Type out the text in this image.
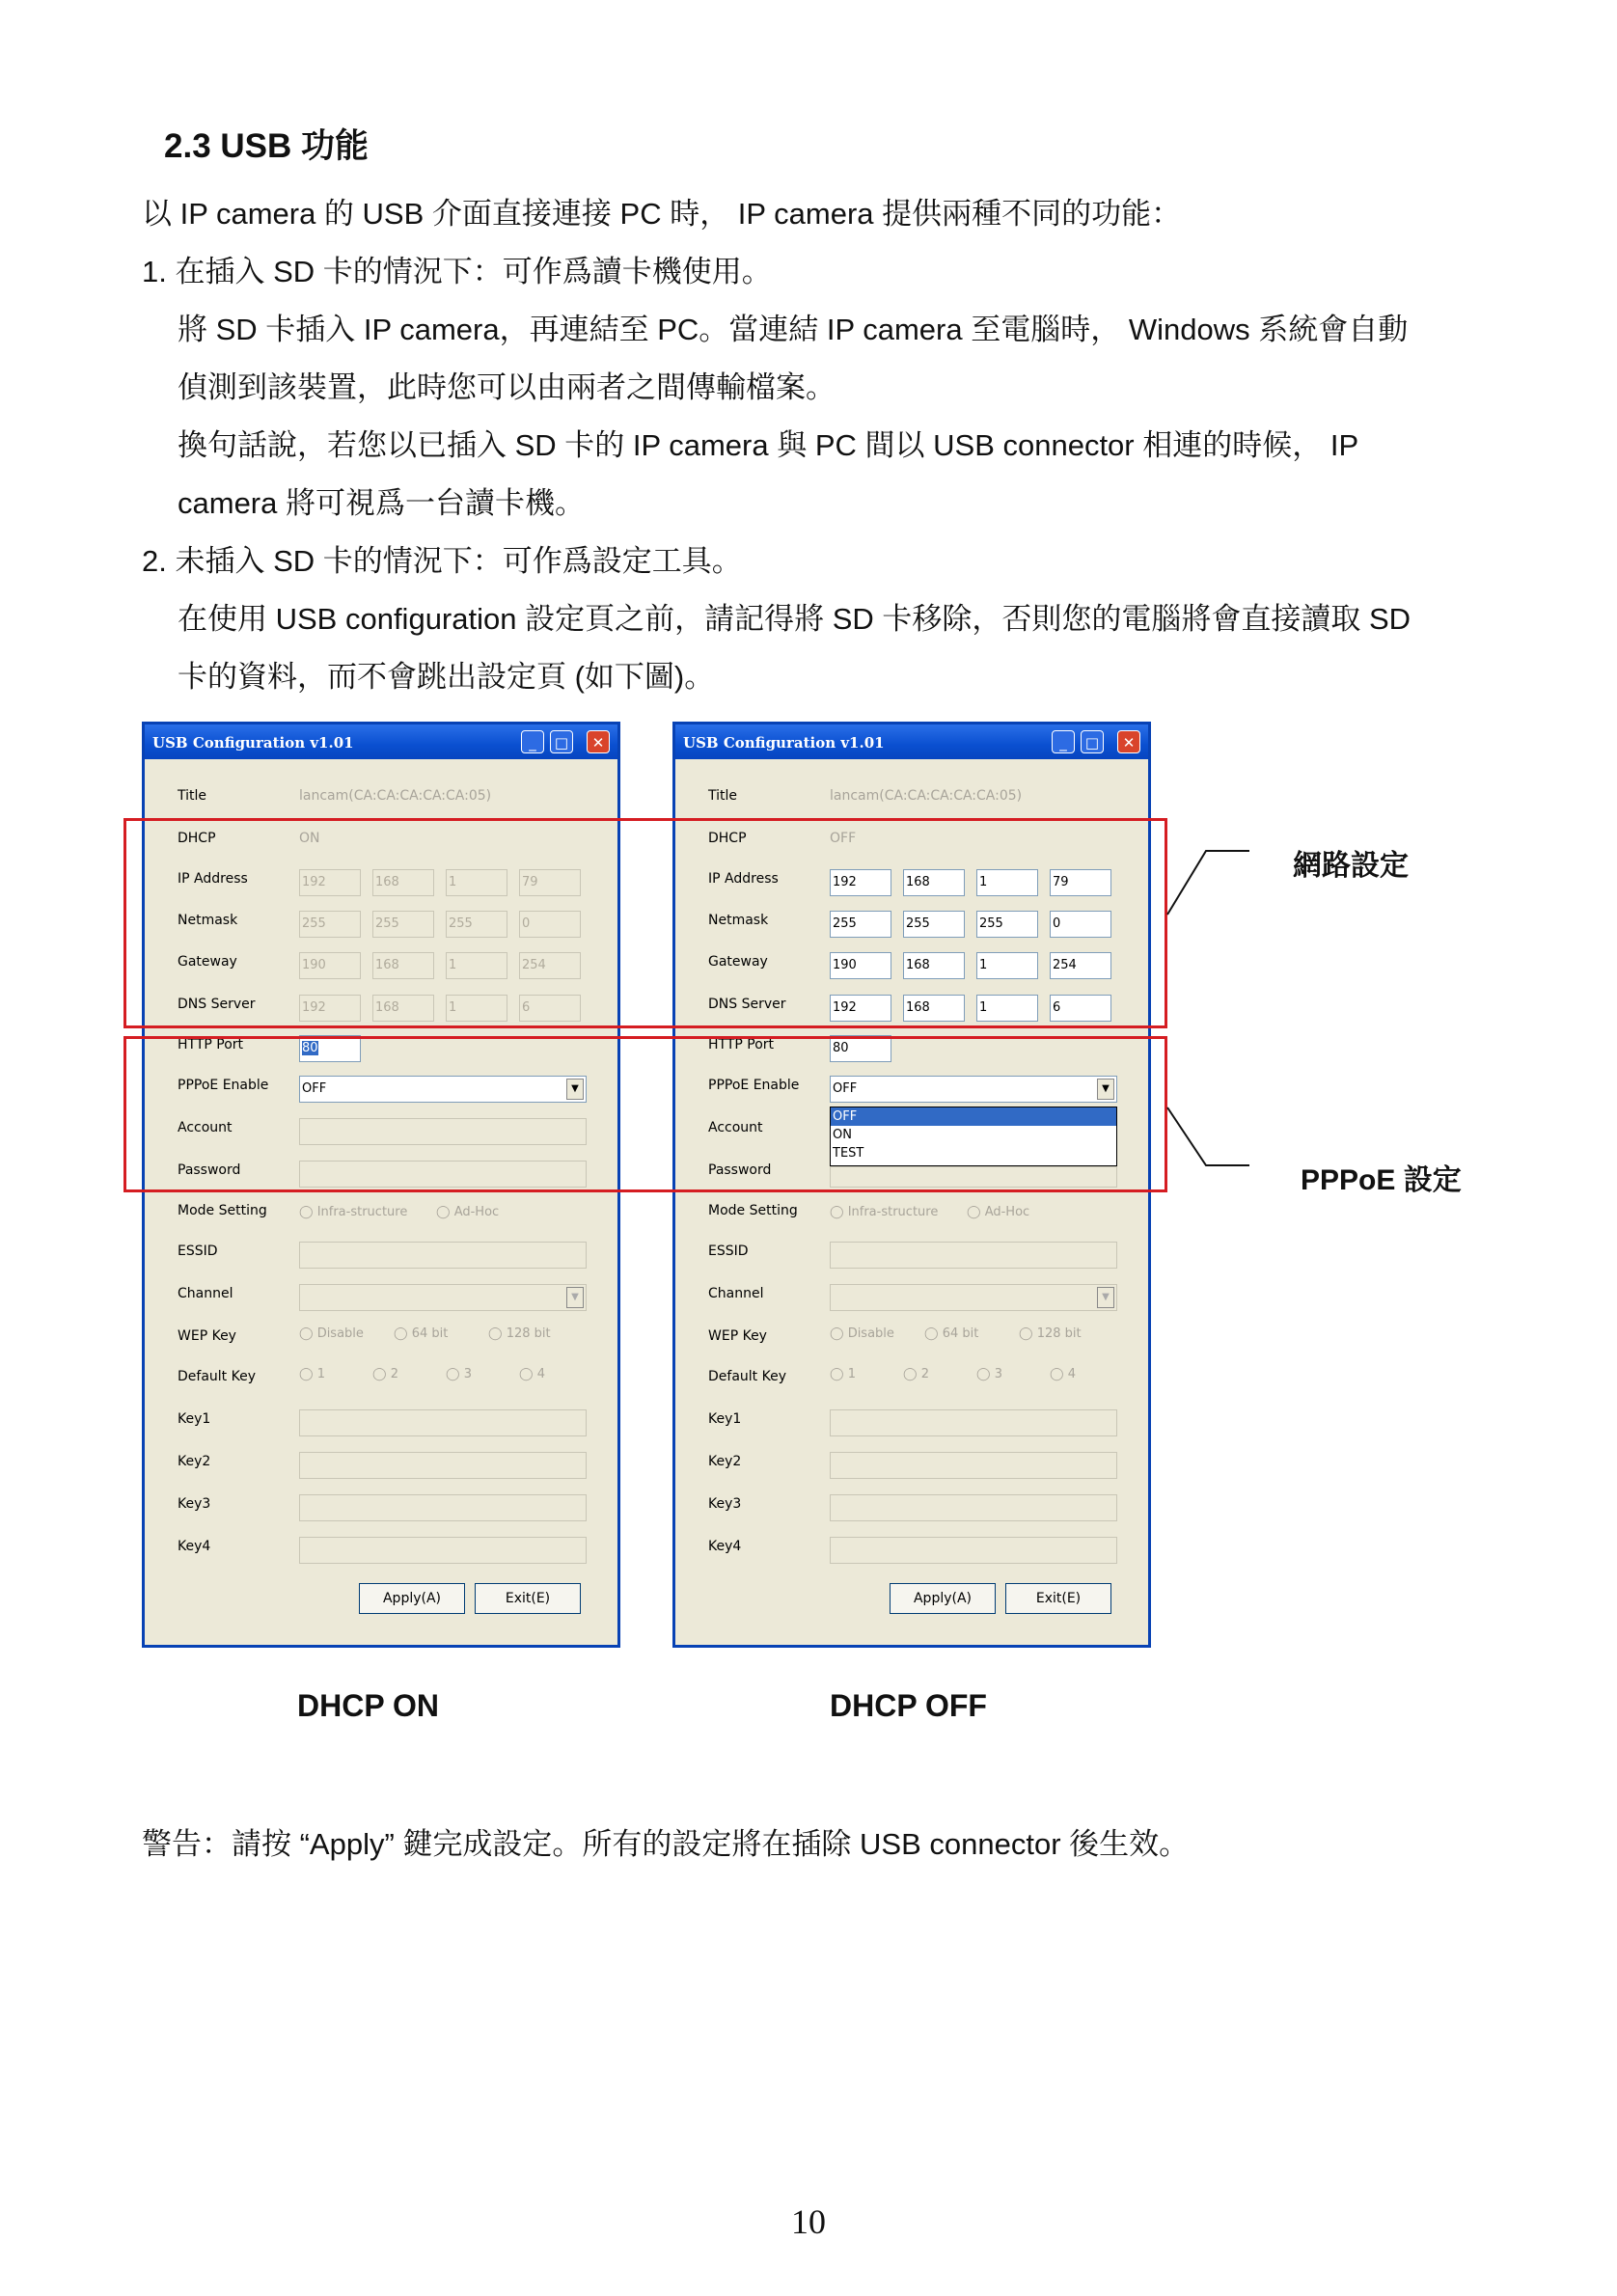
2.3 USB 功能
以 IP camera 的 USB 介面直接連接 PC 時， IP camera 提供兩種不同的功能：
1. 在插入 SD 卡的情況下：可作爲讀卡機使用。
將 SD 卡插入 IP camera，再連結至 PC。當連結 IP camera 至電腦時， Windows 系統會自動
偵測到該裝置，此時您可以由兩者之間傳輸檔案。
換句話說，若您以已插入 SD 卡的 IP camera 與 PC 間以 USB connector 相連的時候， IP
camera 將可視爲一台讀卡機。
2. 未插入 SD 卡的情況下：可作爲設定工具。
在使用 USB configuration 設定頁之前，請記得將 SD 卡移除，否則您的電腦將會直接讀取 SD
卡的資料，而不會跳出設定頁 (如下圖)。
USB Configuration v1.01	_	□	✕
Title	lancam(CA:CA:CA:CA:CA:05)
DHCP	ON
IP Address	192	168	1	79
Netmask	255	255	255	0
Gateway	190	168	1	254
DNS Server	192	168	1	6
HTTP Port	80
PPPoE Enable	OFF	▼
Account
Password
Mode Setting	◯ Infra-structure ◯ Ad-Hoc
ESSID
Channel	▼
WEP Key	◯ Disable ◯ 64 bit	◯ 128 bit
Default Key	◯ 1	◯ 2	◯ 3	◯ 4
Key1
Key2
Key3
Key4
Apply(A)	Exit(E)
USB Configuration v1.01	_	□	✕
Title	lancam(CA:CA:CA:CA:CA:05)
DHCP	OFF
IP Address	192	168	1	79
Netmask	255	255	255	0
Gateway	190	168	1	254
DNS Server	192	168	1	6
HTTP Port	80
PPPoE Enable	OFF	▼
OFF
ON
TEST
Account
Password
Mode Setting	◯ Infra-structure ◯ Ad-Hoc
ESSID
Channel	▼
WEP Key	◯ Disable ◯ 64 bit	◯ 128 bit
Default Key	◯ 1	◯ 2	◯ 3	◯ 4
Key1
Key2
Key3
Key4
Apply(A)	Exit(E)
網路設定
PPPoE 設定
DHCP ON	DHCP OFF
警告：請按 “Apply” 鍵完成設定。所有的設定將在插除 USB connector 後生效。
10
